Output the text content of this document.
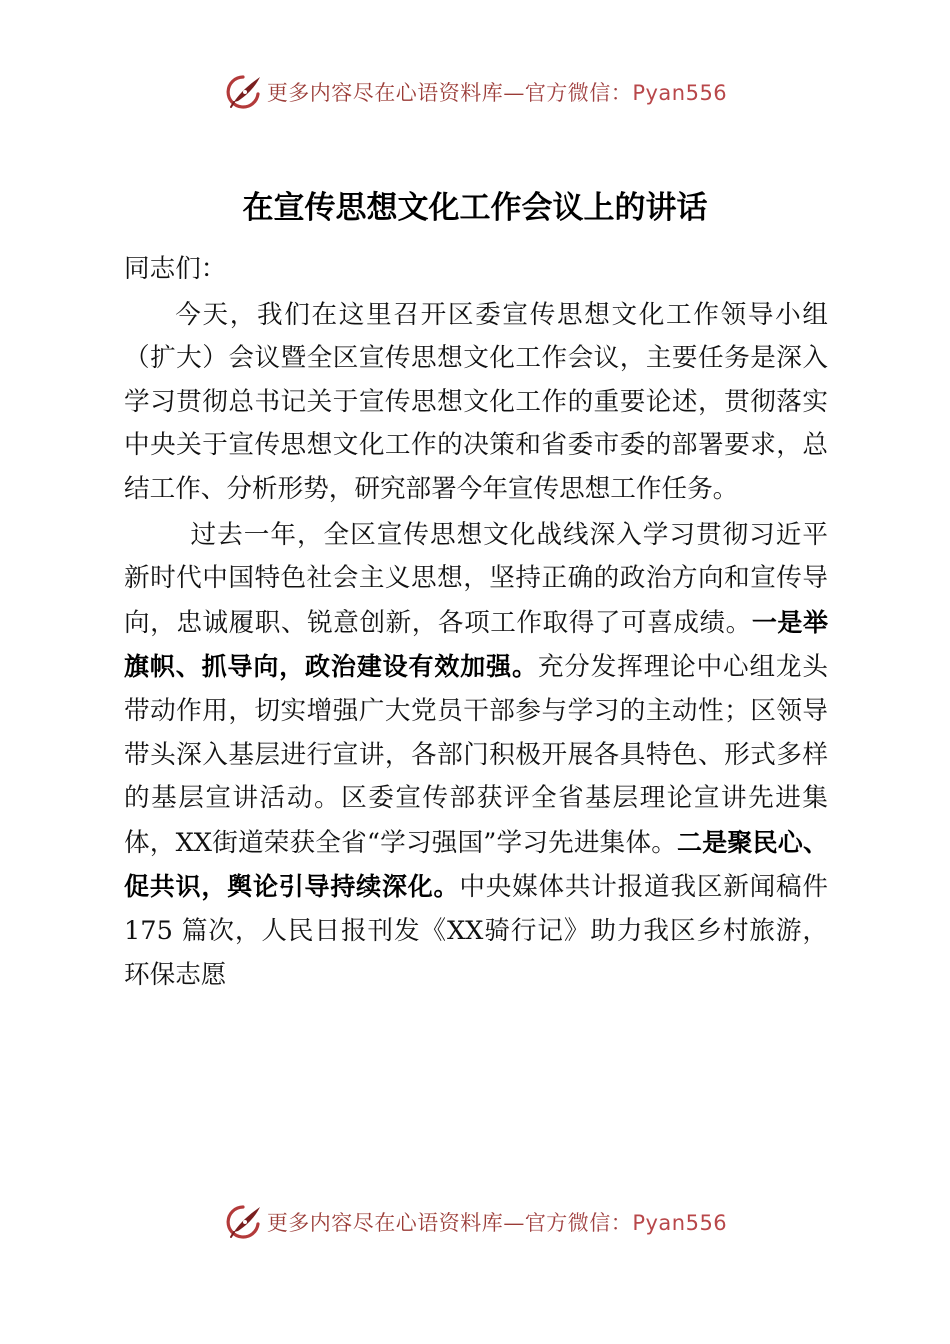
更多内容尽在心语资料库—官方微信：Pyan556
在宣传思想文化工作会议上的讲话

同志们：

今天，我们在这里召开区委宣传思想文化工作领导小组（扩大）会议暨全区宣传思想文化工作会议，主要任务是深入学习贯彻总书记关于宣传思想文化工作的重要论述，贯彻落实中央关于宣传思想文化工作的决策和省委市委的部署要求，总结工作、分析形势，研究部署今年宣传思想工作任务。

过去一年，全区宣传思想文化战线深入学习贯彻习近平新时代中国特色社会主义思想，坚持正确的政治方向和宣传导向，忠诚履职、锐意创新，各项工作取得了可喜成绩。一是举旗帜、抓导向，政治建设有效加强。充分发挥理论中心组龙头带动作用，切实增强广大党员干部参与学习的主动性；区领导带头深入基层进行宣讲，各部门积极开展各具特色、形式多样的基层宣讲活动。区委宣传部获评全省基层理论宣讲先进集体，XX街道荣获全省“学习强国”学习先进集体。二是聚民心、促共识，舆论引导持续深化。中央媒体共计报道我区新闻稿件 175 篇次，人民日报刊发《XX骑行记》助力我区乡村旅游，环保志愿

更多内容尽在心语资料库—官方微信：Pyan556
